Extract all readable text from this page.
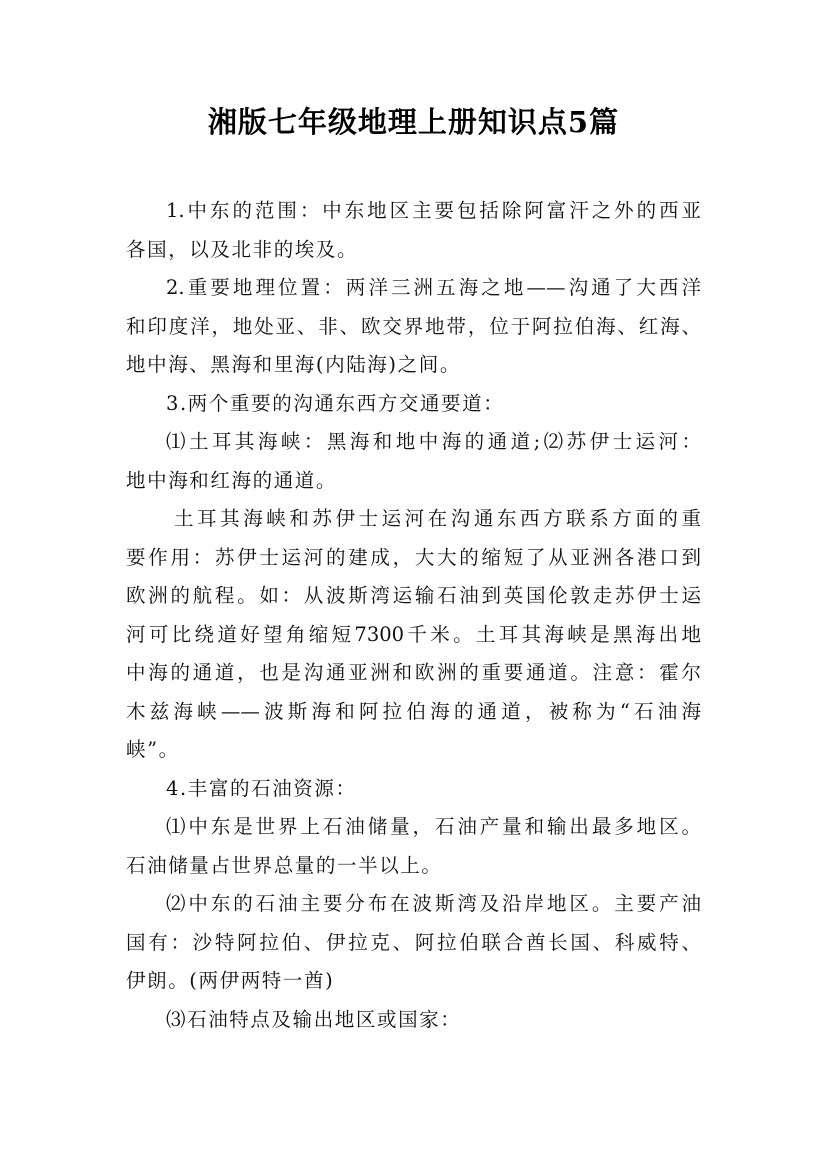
湘版七年级地理上册知识点5篇
1.中东的范围：中东地区主要包括除阿富汗之外的西亚
各国，以及北非的埃及。
2.重要地理位置：两洋三洲五海之地——沟通了大西洋
和印度洋，地处亚、非、欧交界地带，位于阿拉伯海、红海、
地中海、黑海和里海(内陆海)之间。
3.两个重要的沟通东西方交通要道：
⑴土耳其海峡：黑海和地中海的通道;⑵苏伊士运河：
地中海和红海的通道。
土耳其海峡和苏伊士运河在沟通东西方联系方面的重
要作用：苏伊士运河的建成，大大的缩短了从亚洲各港口到
欧洲的航程。如：从波斯湾运输石油到英国伦敦走苏伊士运
河可比绕道好望角缩短7300千米。土耳其海峡是黑海出地
中海的通道，也是沟通亚洲和欧洲的重要通道。注意：霍尔
木兹海峡——波斯海和阿拉伯海的通道，被称为“石油海
峡”。
4.丰富的石油资源：
⑴中东是世界上石油储量，石油产量和输出最多地区。
石油储量占世界总量的一半以上。
⑵中东的石油主要分布在波斯湾及沿岸地区。主要产油
国有：沙特阿拉伯、伊拉克、阿拉伯联合酋长国、科威特、
伊朗。(两伊两特一酋)
⑶石油特点及输出地区或国家：
